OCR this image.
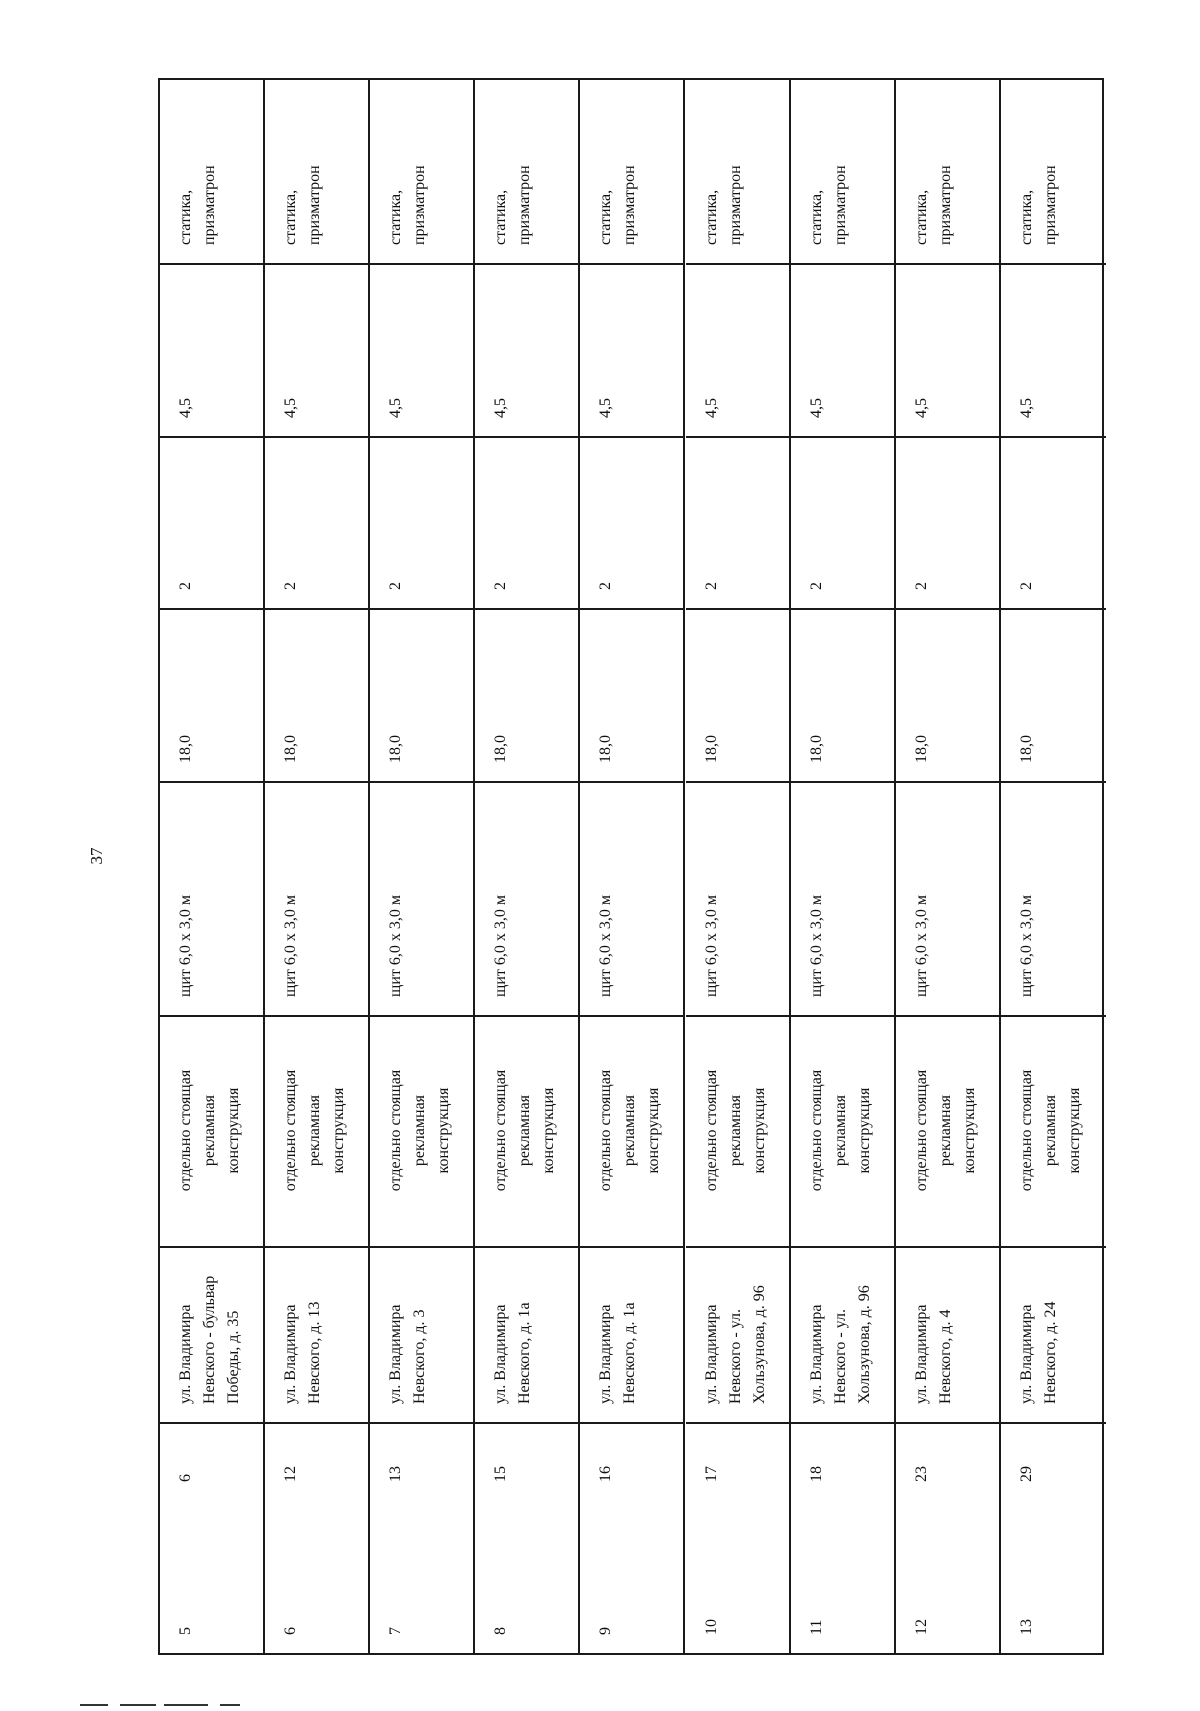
37
статика, призматрон
4,5
2
18,0
щит 6,0 x 3,0 м
отдельно стоящая рекламная конструкция
ул. Владимира Невского - бульвар Победы, д. 35
6
5
статика, призматрон
4,5
2
18,0
щит 6,0 x 3,0 м
отдельно стоящая рекламная конструкция
ул. Владимира Невского, д. 13
12
6
статика, призматрон
4,5
2
18,0
щит 6,0 x 3,0 м
отдельно стоящая рекламная конструкция
ул. Владимира Невского, д. 3
13
7
статика, призматрон
4,5
2
18,0
щит 6,0 x 3,0 м
отдельно стоящая рекламная конструкция
ул. Владимира Невского, д. 1а
15
8
статика, призматрон
4,5
2
18,0
щит 6,0 x 3,0 м
отдельно стоящая рекламная конструкция
ул. Владимира Невского, д. 1а
16
9
статика, призматрон
4,5
2
18,0
щит 6,0 x 3,0 м
отдельно стоящая рекламная конструкция
ул. Владимира Невского - ул. Хользунова, д. 96
17
10
статика, призматрон
4,5
2
18,0
щит 6,0 x 3,0 м
отдельно стоящая рекламная конструкция
ул. Владимира Невского - ул. Хользунова, д. 96
18
11
статика, призматрон
4,5
2
18,0
щит 6,0 x 3,0 м
отдельно стоящая рекламная конструкция
ул. Владимира Невского, д. 4
23
12
статика, призматрон
4,5
2
18,0
щит 6,0 x 3,0 м
отдельно стоящая рекламная конструкция
ул. Владимира Невского, д. 24
29
13
